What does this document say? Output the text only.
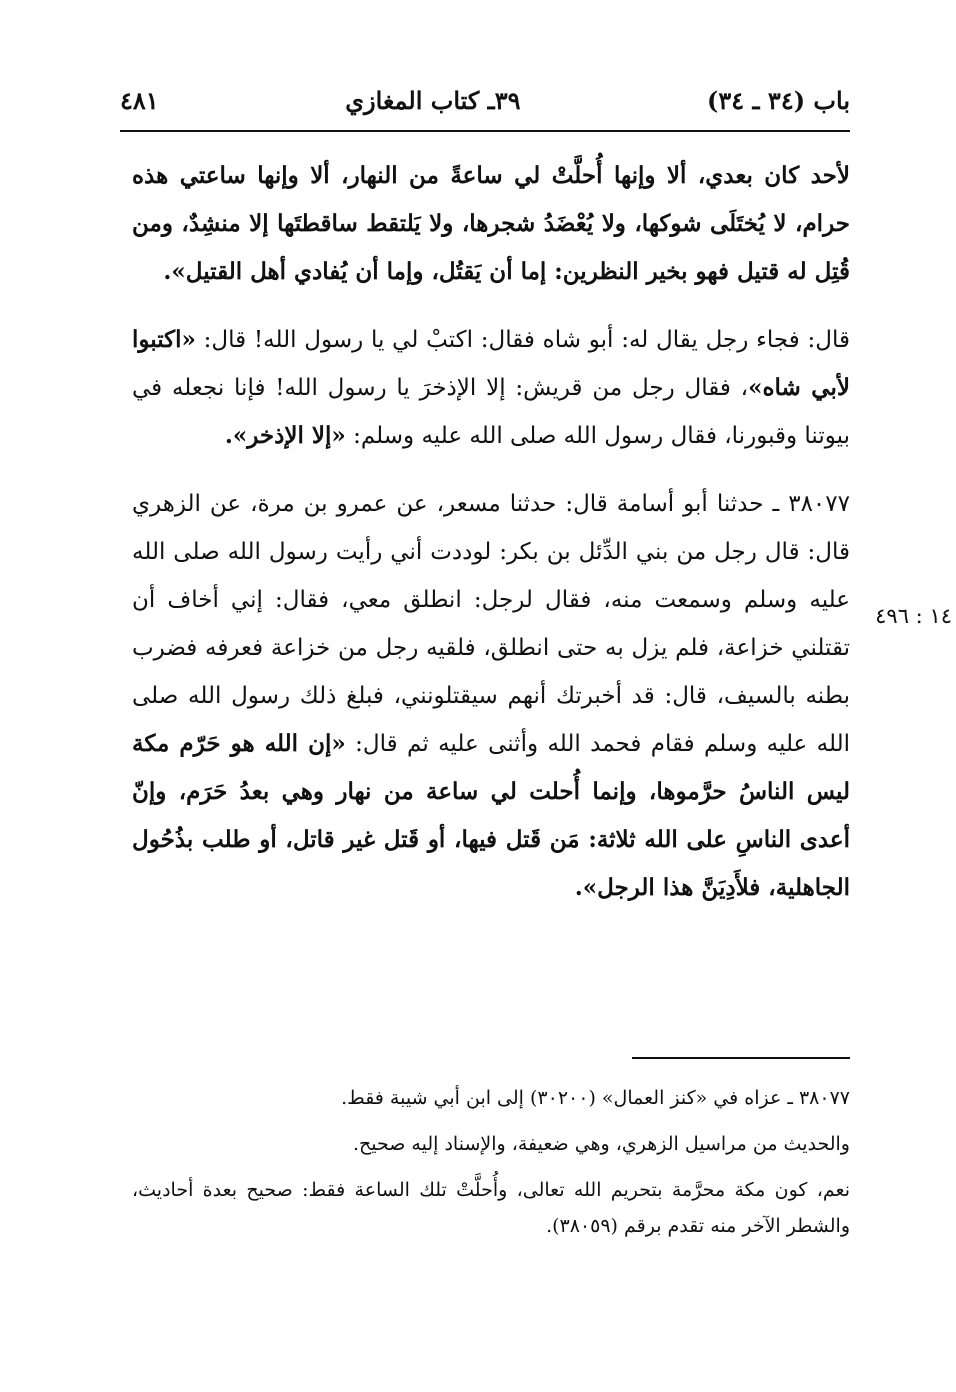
باب (٣٤ ـ ٣٤)
٣٩ـ كتاب المغازي
٤٨١
١٤ : ٤٩٦

لأحد كان بعدي، ألا وإنها أُحلَّتْ لي ساعةً من النهار، ألا وإنها ساعتي هذه حرام، لا يُختَلَى شوكها، ولا يُعْضَدُ شجرها، ولا يَلتقط ساقطتَها إلا منشِدٌ، ومن قُتِل له قتيل فهو بخير النظرين: إما أن يَقتُل، وإما أن يُفادي أهل القتيل».

قال: فجاء رجل يقال له: أبو شاه فقال: اكتبْ لي يا رسول الله! قال: «اكتبوا لأبي شاه»، فقال رجل من قريش: إلا الإذخرَ يا رسول الله! فإنا نجعله في بيوتنا وقبورنا، فقال رسول الله صلى الله عليه وسلم: «إلا الإذخر».

٣٨٠٧٧ ـ حدثنا أبو أسامة قال: حدثنا مسعر، عن عمرو بن مرة، عن الزهري قال: قال رجل من بني الدِّئل بن بكر: لوددت أني رأيت رسول الله صلى الله عليه وسلم وسمعت منه، فقال لرجل: انطلق معي، فقال: إني أخاف أن تقتلني خزاعة، فلم يزل به حتى انطلق، فلقيه رجل من خزاعة فعرفه فضرب بطنه بالسيف، قال: قد أخبرتك أنهم سيقتلونني، فبلغ ذلك رسول الله صلى الله عليه وسلم فقام فحمد الله وأثنى عليه ثم قال: «إن الله هو حَرّم مكة ليس الناسُ حرَّموها، وإنما أُحلت لي ساعة من نهار وهي بعدُ حَرَم، وإنّ أعدى الناسِ على الله ثلاثة: مَن قَتل فيها، أو قَتل غير قاتل، أو طلب بذُحُول الجاهلية، فلأَدِيَنَّ هذا الرجل».

٣٨٠٧٧ ـ عزاه في «كنز العمال» (٣٠٢٠٠) إلى ابن أبي شيبة فقط.

والحديث من مراسيل الزهري، وهي ضعيفة، والإسناد إليه صحيح.

نعم، كون مكة محرَّمة بتحريم الله تعالى، وأُحلَّتْ تلك الساعة فقط: صحيح بعدة أحاديث، والشطر الآخر منه تقدم برقم (٣٨٠٥٩).
